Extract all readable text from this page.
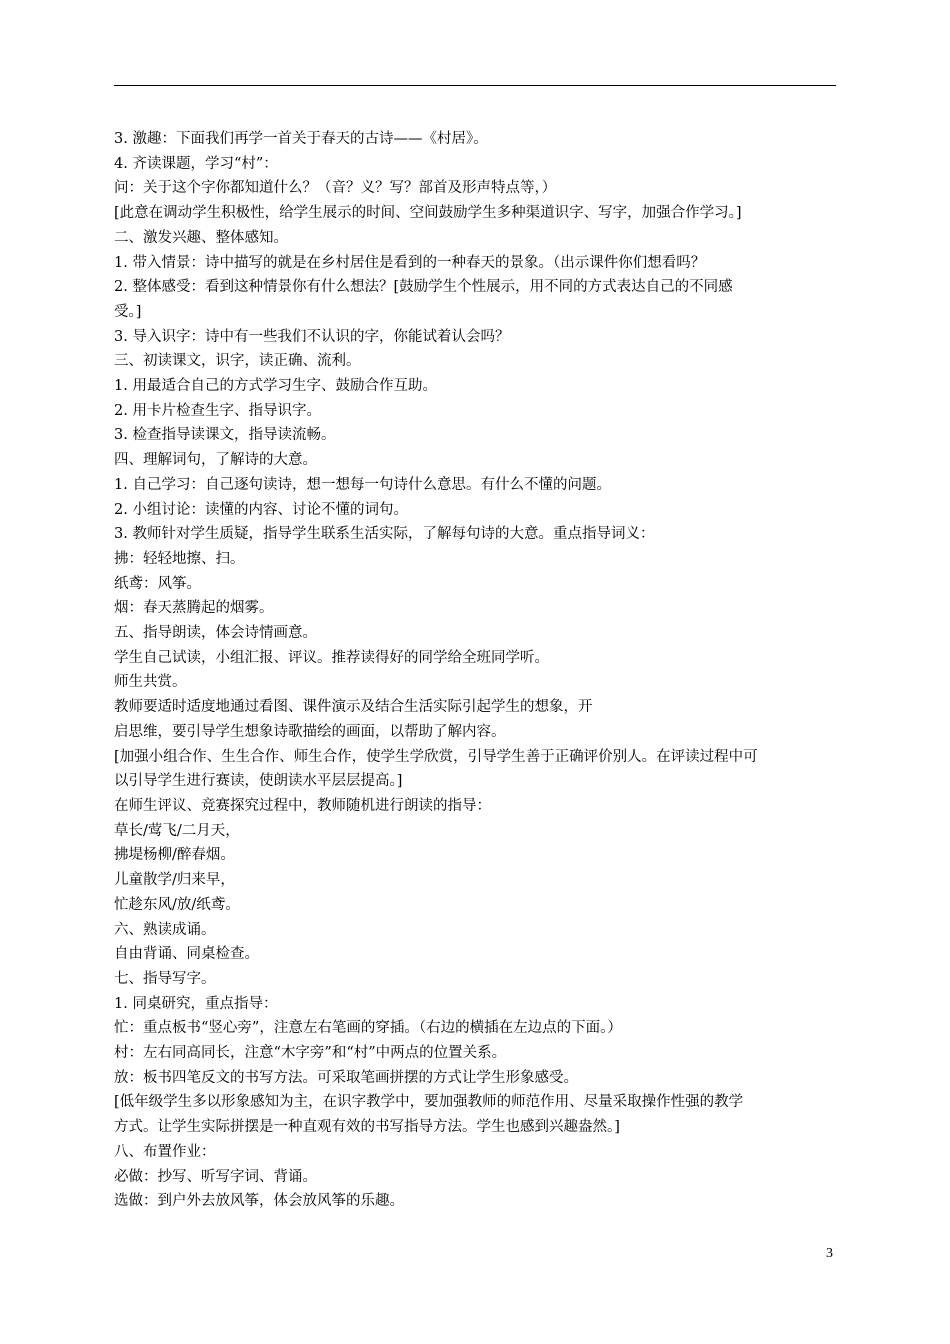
3. 激趣：下面我们再学一首关于春天的古诗——《村居》。
4. 齐读课题，学习“村”：
问：关于这个字你都知道什么？（音？义？写？部首及形声特点等，）
[此意在调动学生积极性，给学生展示的时间、空间鼓励学生多种渠道识字、写字，加强合作学习。]
二、激发兴趣、整体感知。
1. 带入情景：诗中描写的就是在乡村居住是看到的一种春天的景象。（出示课件你们想看吗？
2. 整体感受：看到这种情景你有什么想法？[鼓励学生个性展示，用不同的方式表达自己的不同感
受。]
3. 导入识字：诗中有一些我们不认识的字，你能试着认会吗？
三、初读课文，识字，读正确、流利。
1. 用最适合自己的方式学习生字、鼓励合作互助。
2. 用卡片检查生字、指导识字。
3. 检查指导读课文，指导读流畅。
四、理解词句，了解诗的大意。
1. 自己学习：自己逐句读诗，想一想每一句诗什么意思。有什么不懂的问题。
2. 小组讨论：读懂的内容、讨论不懂的词句。
3. 教师针对学生质疑，指导学生联系生活实际，了解每句诗的大意。重点指导词义：
拂：轻轻地擦、扫。
纸鸢：风筝。
烟：春天蒸腾起的烟雾。
五、指导朗读，体会诗情画意。
学生自己试读，小组汇报、评议。推荐读得好的同学给全班同学听。
师生共赏。
教师要适时适度地通过看图、课件演示及结合生活实际引起学生的想象，开
启思维，要引导学生想象诗歌描绘的画面，以帮助了解内容。
[加强小组合作、生生合作、师生合作，使学生学欣赏，引导学生善于正确评价别人。在评读过程中可
以引导学生进行赛读，使朗读水平层层提高。]
在师生评议、竞赛探究过程中，教师随机进行朗读的指导：
草长/莺飞/二月天，
拂堤杨柳/醉春烟。
儿童散学/归来早，
忙趁东风/放/纸鸢。
六、熟读成诵。
自由背诵、同桌检查。
七、指导写字。
1. 同桌研究，重点指导：
忙：重点板书“竖心旁”，注意左右笔画的穿插。（右边的横插在左边点的下面。）
村：左右同高同长，注意“木字旁”和“村”中两点的位置关系。
放：板书四笔反文的书写方法。可采取笔画拼摆的方式让学生形象感受。
[低年级学生多以形象感知为主，在识字教学中，要加强教师的师范作用、尽量采取操作性强的教学
方式。让学生实际拼摆是一种直观有效的书写指导方法。学生也感到兴趣盎然。]
八、布置作业：
必做：抄写、听写字词、背诵。
选做：到户外去放风筝，体会放风筝的乐趣。
3
